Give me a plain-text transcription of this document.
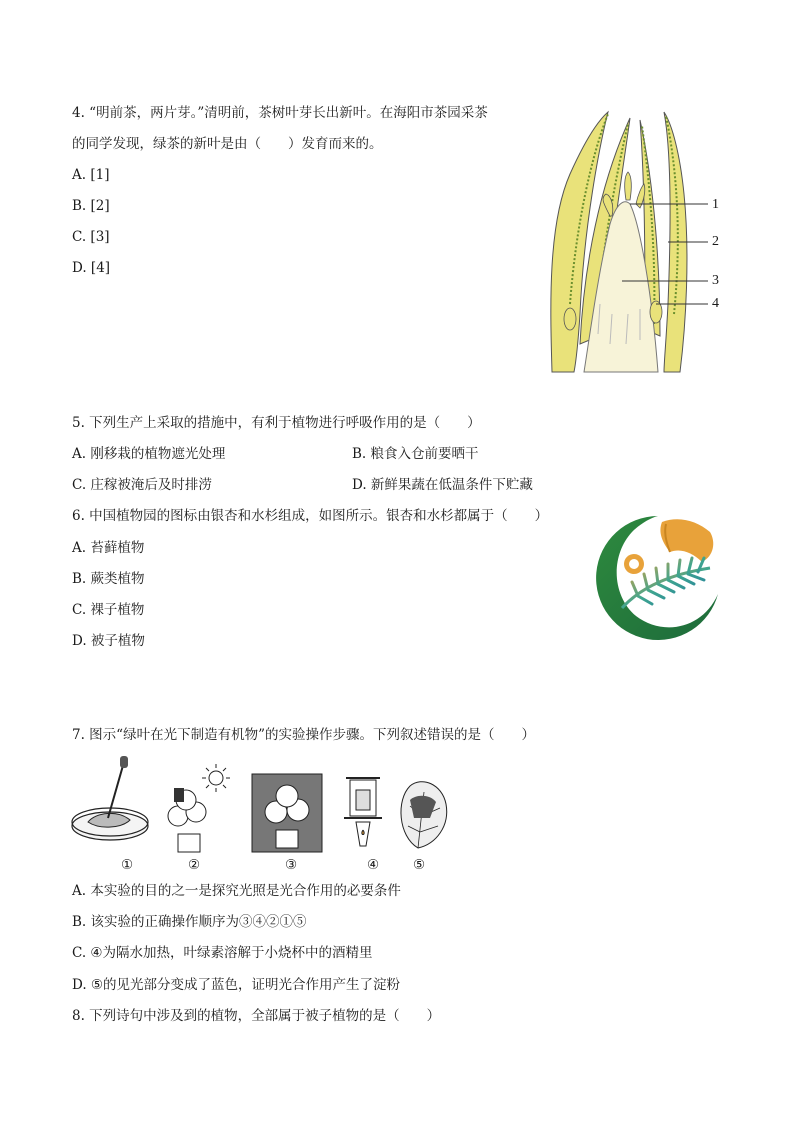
4. “明前茶，两片芽。”清明前，茶树叶芽长出新叶。在海阳市茶园采茶
的同学发现，绿茶的新叶是由（　　）发育而来的。
A. [1]
B. [2]
C. [3]
D. [4]
1
2
3
4
5. 下列生产上采取的措施中，有利于植物进行呼吸作用的是（　　）
A. 刚移栽的植物遮光处理	B. 粮食入仓前要晒干
C. 庄稼被淹后及时排涝	D. 新鲜果蔬在低温条件下贮藏
6. 中国植物园的图标由银杏和水杉组成，如图所示。银杏和水杉都属于（　　）
A. 苔藓植物
B. 蕨类植物
C. 裸子植物
D. 被子植物
7. 图示“绿叶在光下制造有机物”的实验操作步骤。下列叙述错误的是（　　）
①	②	③	④	⑤
A. 本实验的目的之一是探究光照是光合作用的必要条件
B. 该实验的正确操作顺序为③④②①⑤
C. ④为隔水加热，叶绿素溶解于小烧杯中的酒精里
D. ⑤的见光部分变成了蓝色，证明光合作用产生了淀粉
8. 下列诗句中涉及到的植物，全部属于被子植物的是（　　）
